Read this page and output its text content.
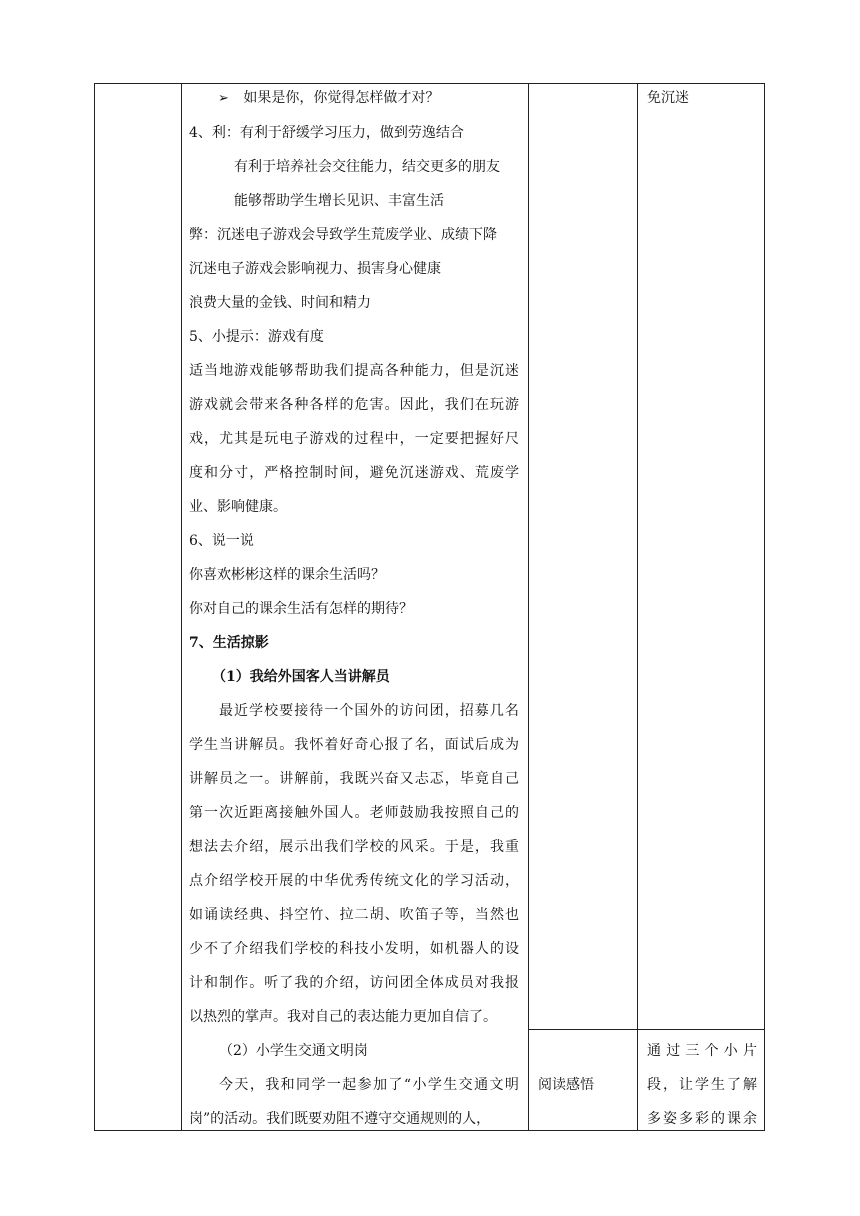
➢ 如果是你，你觉得怎样做才对？
4、利：有利于舒缓学习压力，做到劳逸结合
有利于培养社会交往能力，结交更多的朋友
能够帮助学生增长见识、丰富生活
弊：沉迷电子游戏会导致学生荒废学业、成绩下降
沉迷电子游戏会影响视力、损害身心健康
浪费大量的金钱、时间和精力
5、小提示：游戏有度
适 当 地 游 戏 能 够 帮 助 我 们 提 高 各 种 能 力 ， 但 是 沉 迷
游 戏 就 会 带 来 各 种 各 样 的 危 害 。 因 此 ， 我 们 在 玩 游
戏 ， 尤 其 是 玩 电 子 游 戏 的 过 程 中 ， 一 定 要 把 握 好 尺
度 和 分 寸 ， 严 格 控 制 时 间 ， 避 免 沉 迷 游 戏 、 荒 废 学
业、影响健康。
6、说一说
你喜欢彬彬这样的课余生活吗？
你对自己的课余生活有怎样的期待？
7、生活掠影
（1）我给外国客人当讲解员
最 近 学 校 要 接 待 一 个 国 外 的 访 问 团 ， 招 募 几 名
学 生 当 讲 解 员 。 我 怀 着 好 奇 心 报 了 名 ， 面 试 后 成 为
讲 解 员 之 一 。 讲 解 前 ， 我 既 兴 奋 又 忐 忑 ， 毕 竟 自 己
第 一 次 近 距 离 接 触 外 国 人 。 老 师 鼓 励 我 按 照 自 己 的
想 法 去 介 绍 ， 展 示 出 我 们 学 校 的 风 采 。 于 是 ， 我 重
点 介 绍 学 校 开 展 的 中 华 优 秀 传 统 文 化 的 学 习 活 动 ，
如 诵 读 经 典 、 抖 空 竹 、 拉 二 胡 、 吹 笛 子 等 ， 当 然 也
少 不 了 介 绍 我 们 学 校 的 科 技 小 发 明 ， 如 机 器 人 的 设
计 和 制 作 。 听 了 我 的 介 绍 ， 访 问 团 全 体 成 员 对 我 报
以热烈的掌声。我对自己的表达能力更加自信了。
（2）小学生交通文明岗
今 天 ， 我 和 同 学 一 起 参 加 了 “ 小 学 生 交 通 文 明
岗”的活动。我们既要劝阻不遵守交通规则的人，
阅读感悟
免沉迷
通 过 三 个 小 片
段 ， 让 学 生 了 解
多 姿 多 彩 的 课 余
